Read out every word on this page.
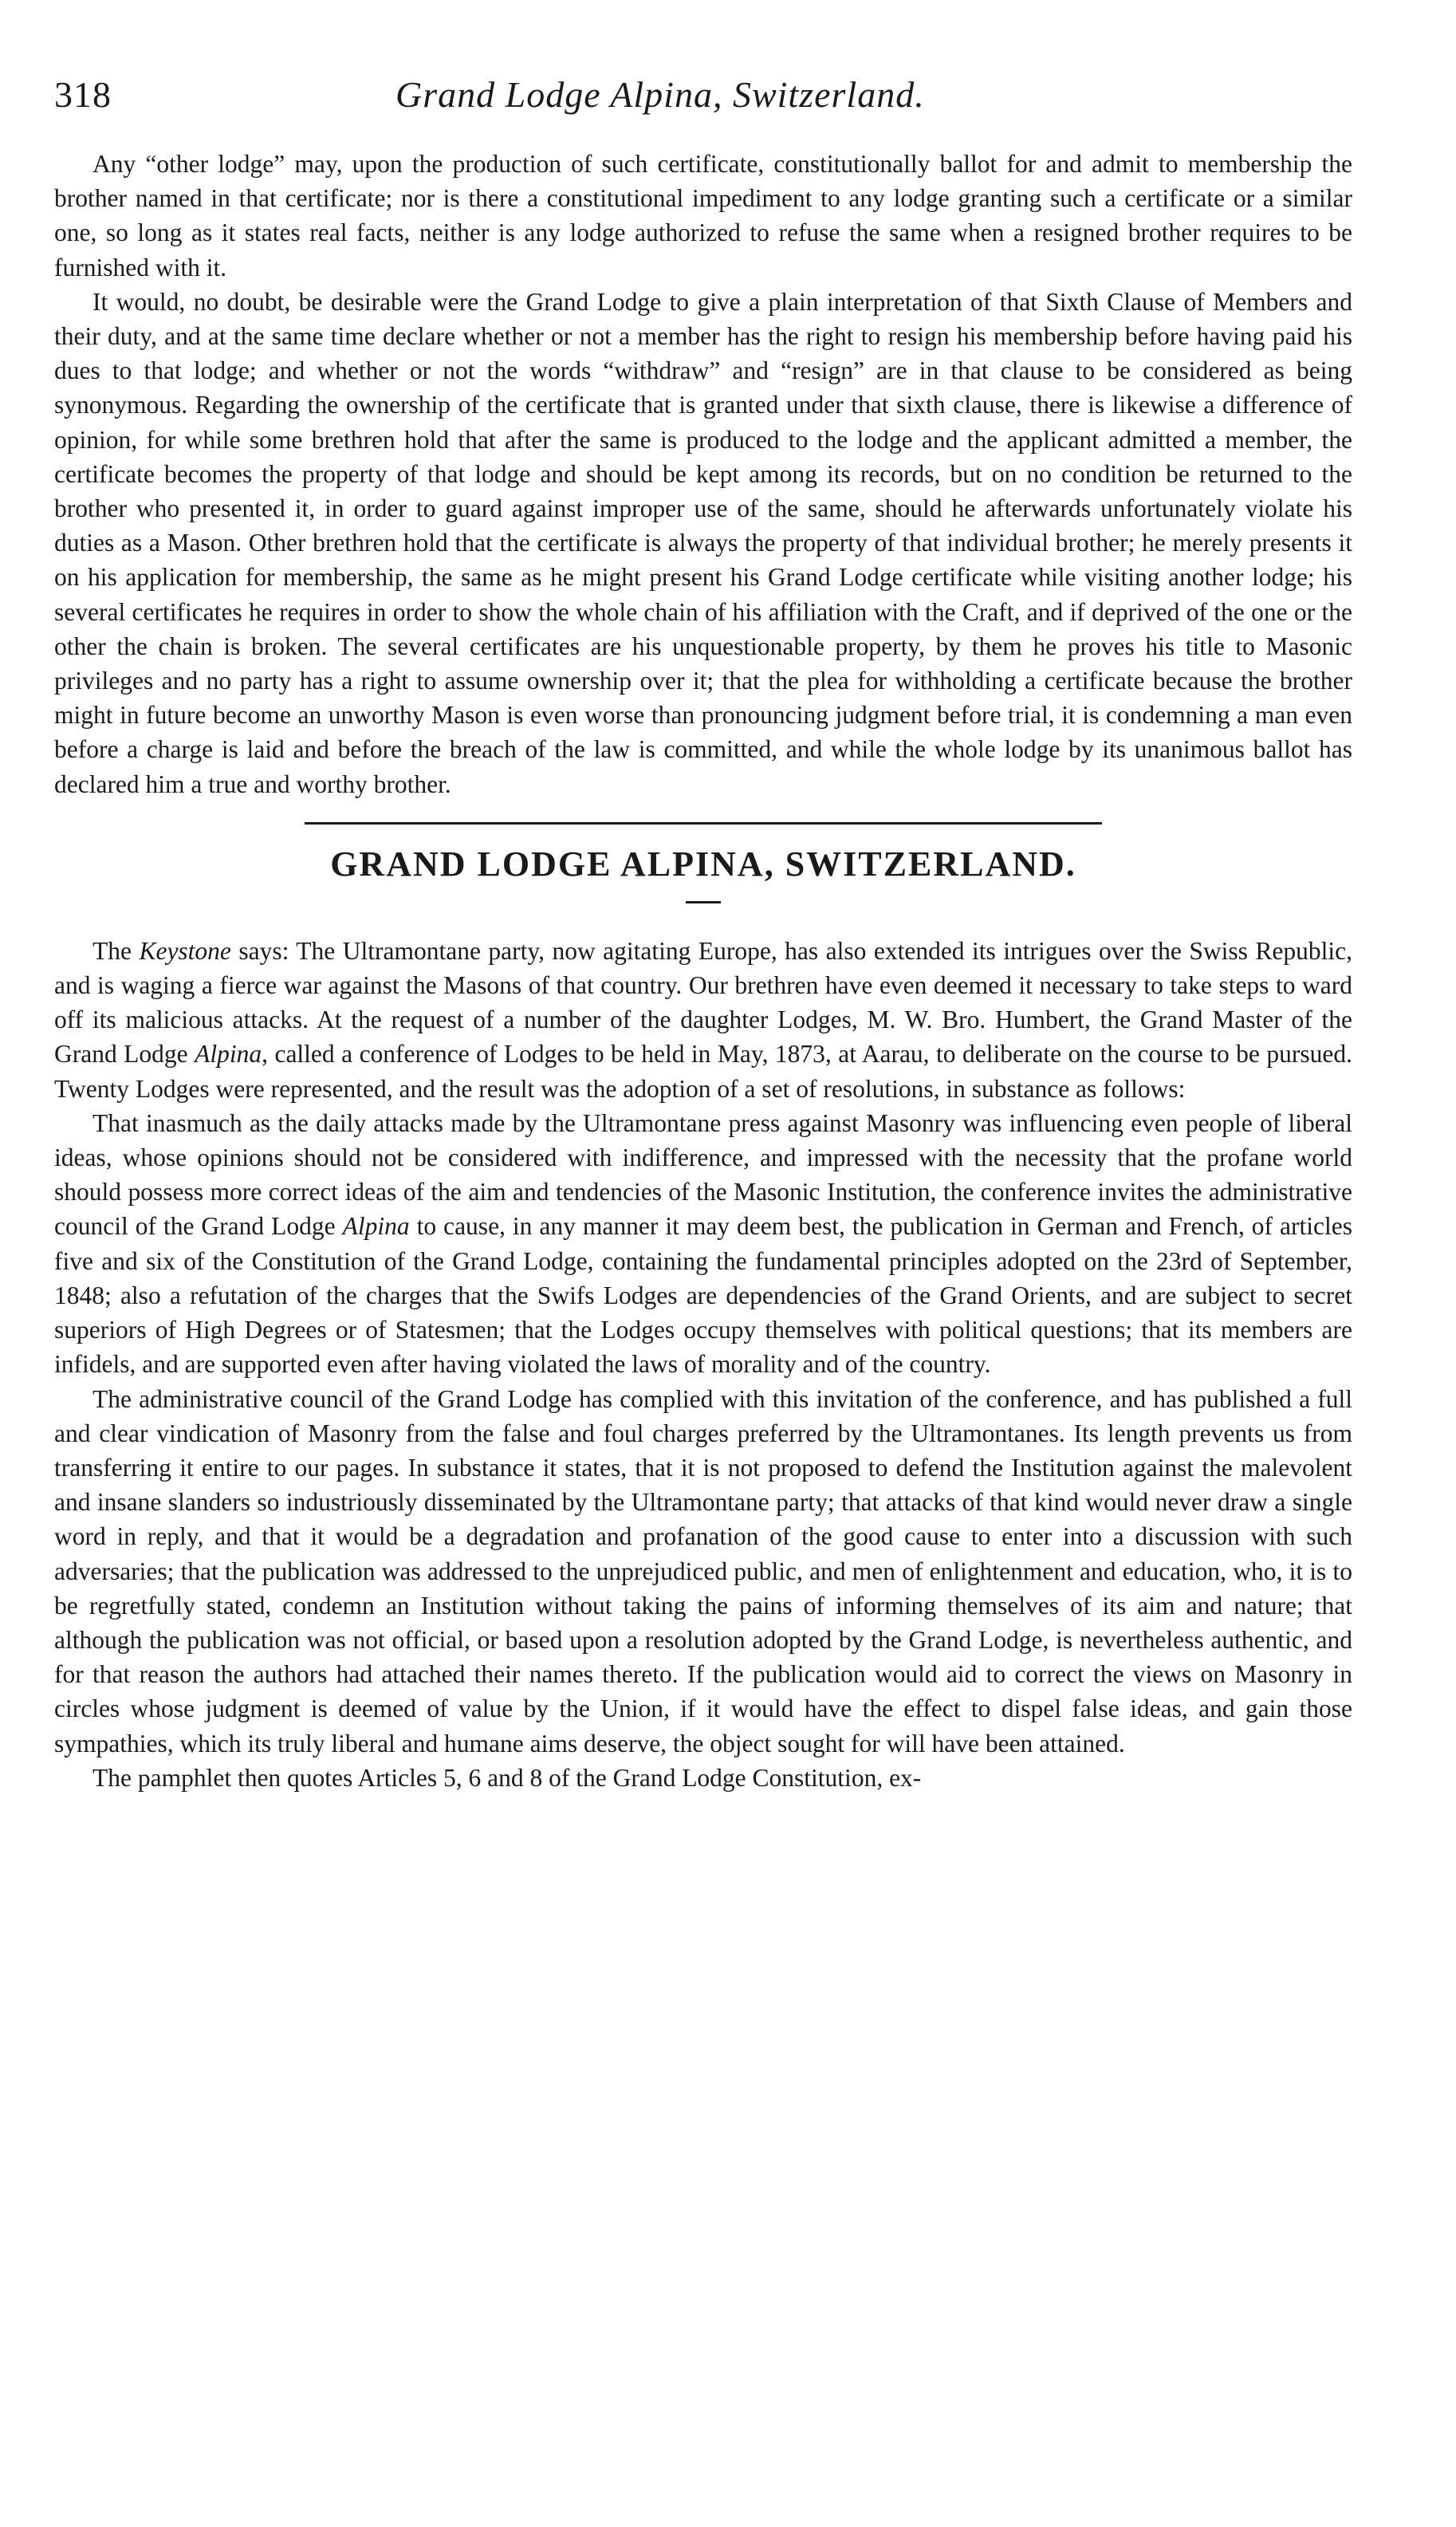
318	Grand Lodge Alpina, Switzerland.

Any “other lodge” may, upon the production of such certificate, constitutionally ballot for and admit to membership the brother named in that certificate; nor is there a constitutional impediment to any lodge granting such a certificate or a similar one, so long as it states real facts, neither is any lodge authorized to refuse the same when a resigned brother requires to be furnished with it.

It would, no doubt, be desirable were the Grand Lodge to give a plain interpretation of that Sixth Clause of Members and their duty, and at the same time declare whether or not a member has the right to resign his membership before having paid his dues to that lodge; and whether or not the words “withdraw” and “resign” are in that clause to be considered as being synonymous. Regarding the ownership of the certificate that is granted under that sixth clause, there is likewise a difference of opinion, for while some brethren hold that after the same is produced to the lodge and the applicant admitted a member, the certificate becomes the property of that lodge and should be kept among its records, but on no condition be returned to the brother who presented it, in order to guard against improper use of the same, should he afterwards unfortunately violate his duties as a Mason. Other brethren hold that the certificate is always the property of that individual brother; he merely presents it on his application for membership, the same as he might present his Grand Lodge certificate while visiting another lodge; his several certificates he requires in order to show the whole chain of his affiliation with the Craft, and if deprived of the one or the other the chain is broken. The several certificates are his unquestionable property, by them he proves his title to Masonic privileges and no party has a right to assume ownership over it; that the plea for withholding a certificate because the brother might in future become an unworthy Mason is even worse than pronouncing judgment before trial, it is condemning a man even before a charge is laid and before the breach of the law is committed, and while the whole lodge by its unanimous ballot has declared him a true and worthy brother.

GRAND LODGE ALPINA, SWITZERLAND.

The Keystone says: The Ultramontane party, now agitating Europe, has also extended its intrigues over the Swiss Republic, and is waging a fierce war against the Masons of that country. Our brethren have even deemed it necessary to take steps to ward off its malicious attacks. At the request of a number of the daughter Lodges, M. W. Bro. Humbert, the Grand Master of the Grand Lodge Alpina, called a conference of Lodges to be held in May, 1873, at Aarau, to deliberate on the course to be pursued. Twenty Lodges were represented, and the result was the adoption of a set of resolutions, in substance as follows:

That inasmuch as the daily attacks made by the Ultramontane press against Masonry was influencing even people of liberal ideas, whose opinions should not be considered with indifference, and impressed with the necessity that the profane world should possess more correct ideas of the aim and tendencies of the Masonic Institution, the conference invites the administrative council of the Grand Lodge Alpina to cause, in any manner it may deem best, the publication in German and French, of articles five and six of the Constitution of the Grand Lodge, containing the fundamental principles adopted on the 23rd of September, 1848; also a refutation of the charges that the Swifs Lodges are dependencies of the Grand Orients, and are subject to secret superiors of High Degrees or of Statesmen; that the Lodges occupy themselves with political questions; that its members are infidels, and are supported even after having violated the laws of morality and of the country.

The administrative council of the Grand Lodge has complied with this invitation of the conference, and has published a full and clear vindication of Masonry from the false and foul charges preferred by the Ultramontanes. Its length prevents us from transferring it entire to our pages. In substance it states, that it is not proposed to defend the Institution against the malevolent and insane slanders so industriously disseminated by the Ultramontane party; that attacks of that kind would never draw a single word in reply, and that it would be a degradation and profanation of the good cause to enter into a discussion with such adversaries; that the publication was addressed to the unprejudiced public, and men of enlightenment and education, who, it is to be regretfully stated, condemn an Institution without taking the pains of informing themselves of its aim and nature; that although the publication was not official, or based upon a resolution adopted by the Grand Lodge, is nevertheless authentic, and for that reason the authors had attached their names thereto. If the publication would aid to correct the views on Masonry in circles whose judgment is deemed of value by the Union, if it would have the effect to dispel false ideas, and gain those sympathies, which its truly liberal and humane aims deserve, the object sought for will have been attained.

The pamphlet then quotes Articles 5, 6 and 8 of the Grand Lodge Constitution, ex-
